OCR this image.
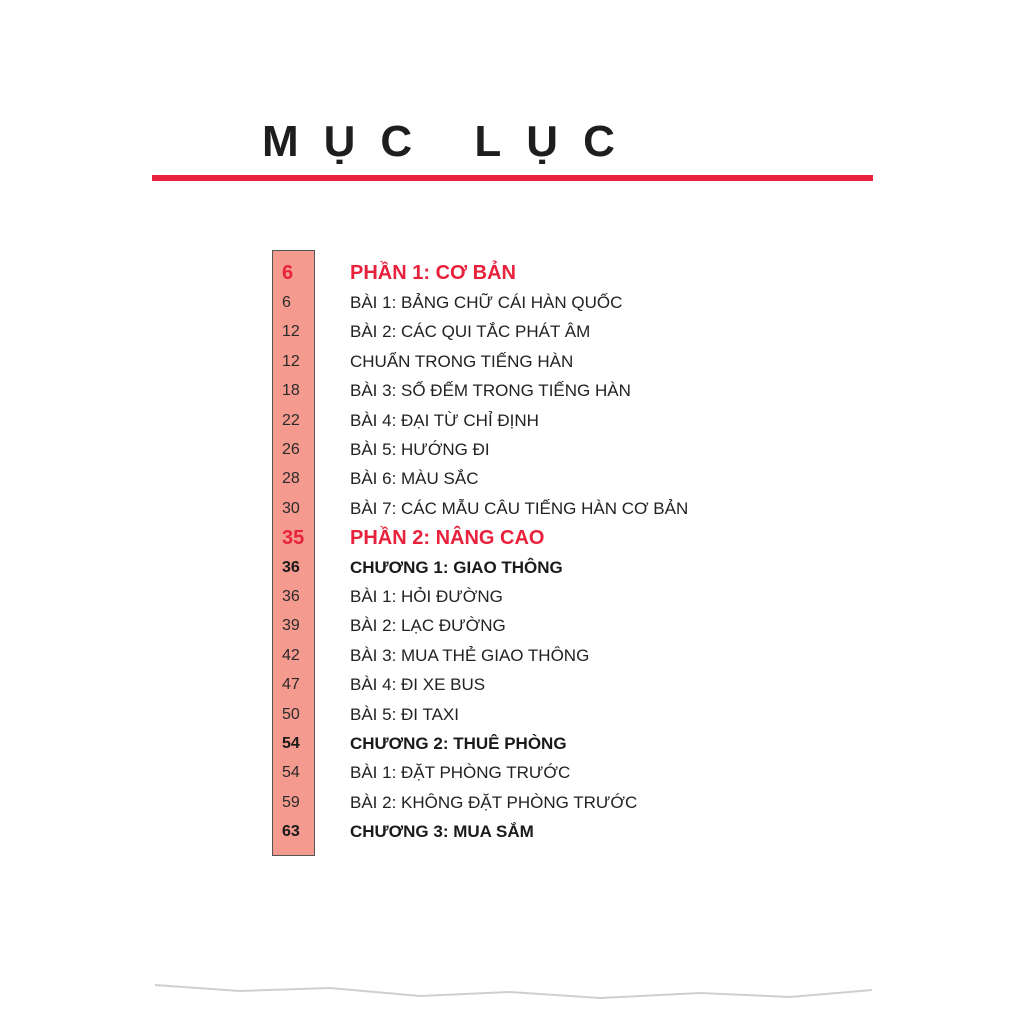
MỤC LỤC
6	PHẦN 1: CƠ BẢN
6	BÀI 1: BẢNG CHỮ CÁI HÀN QUỐC
12	BÀI 2: CÁC QUI TẮC PHÁT ÂM
12	CHUẨN TRONG TIẾNG HÀN
18	BÀI 3: SỐ ĐẾM TRONG TIẾNG HÀN
22	BÀI 4: ĐẠI TỪ CHỈ ĐỊNH
26	BÀI 5: HƯỚNG ĐI
28	BÀI 6: MÀU SẮC
30	BÀI 7: CÁC MẪU CÂU TIẾNG HÀN CƠ BẢN
35	PHẦN 2: NÂNG CAO
36	CHƯƠNG 1: GIAO THÔNG
36	BÀI 1: HỎI ĐƯỜNG
39	BÀI 2: LẠC ĐƯỜNG
42	BÀI 3: MUA THẺ GIAO THÔNG
47	BÀI 4: ĐI XE BUS
50	BÀI 5: ĐI TAXI
54	CHƯƠNG 2: THUÊ PHÒNG
54	BÀI 1: ĐẶT PHÒNG TRƯỚC
59	BÀI 2: KHÔNG ĐẶT PHÒNG TRƯỚC
63	CHƯƠNG 3: MUA SẮM
